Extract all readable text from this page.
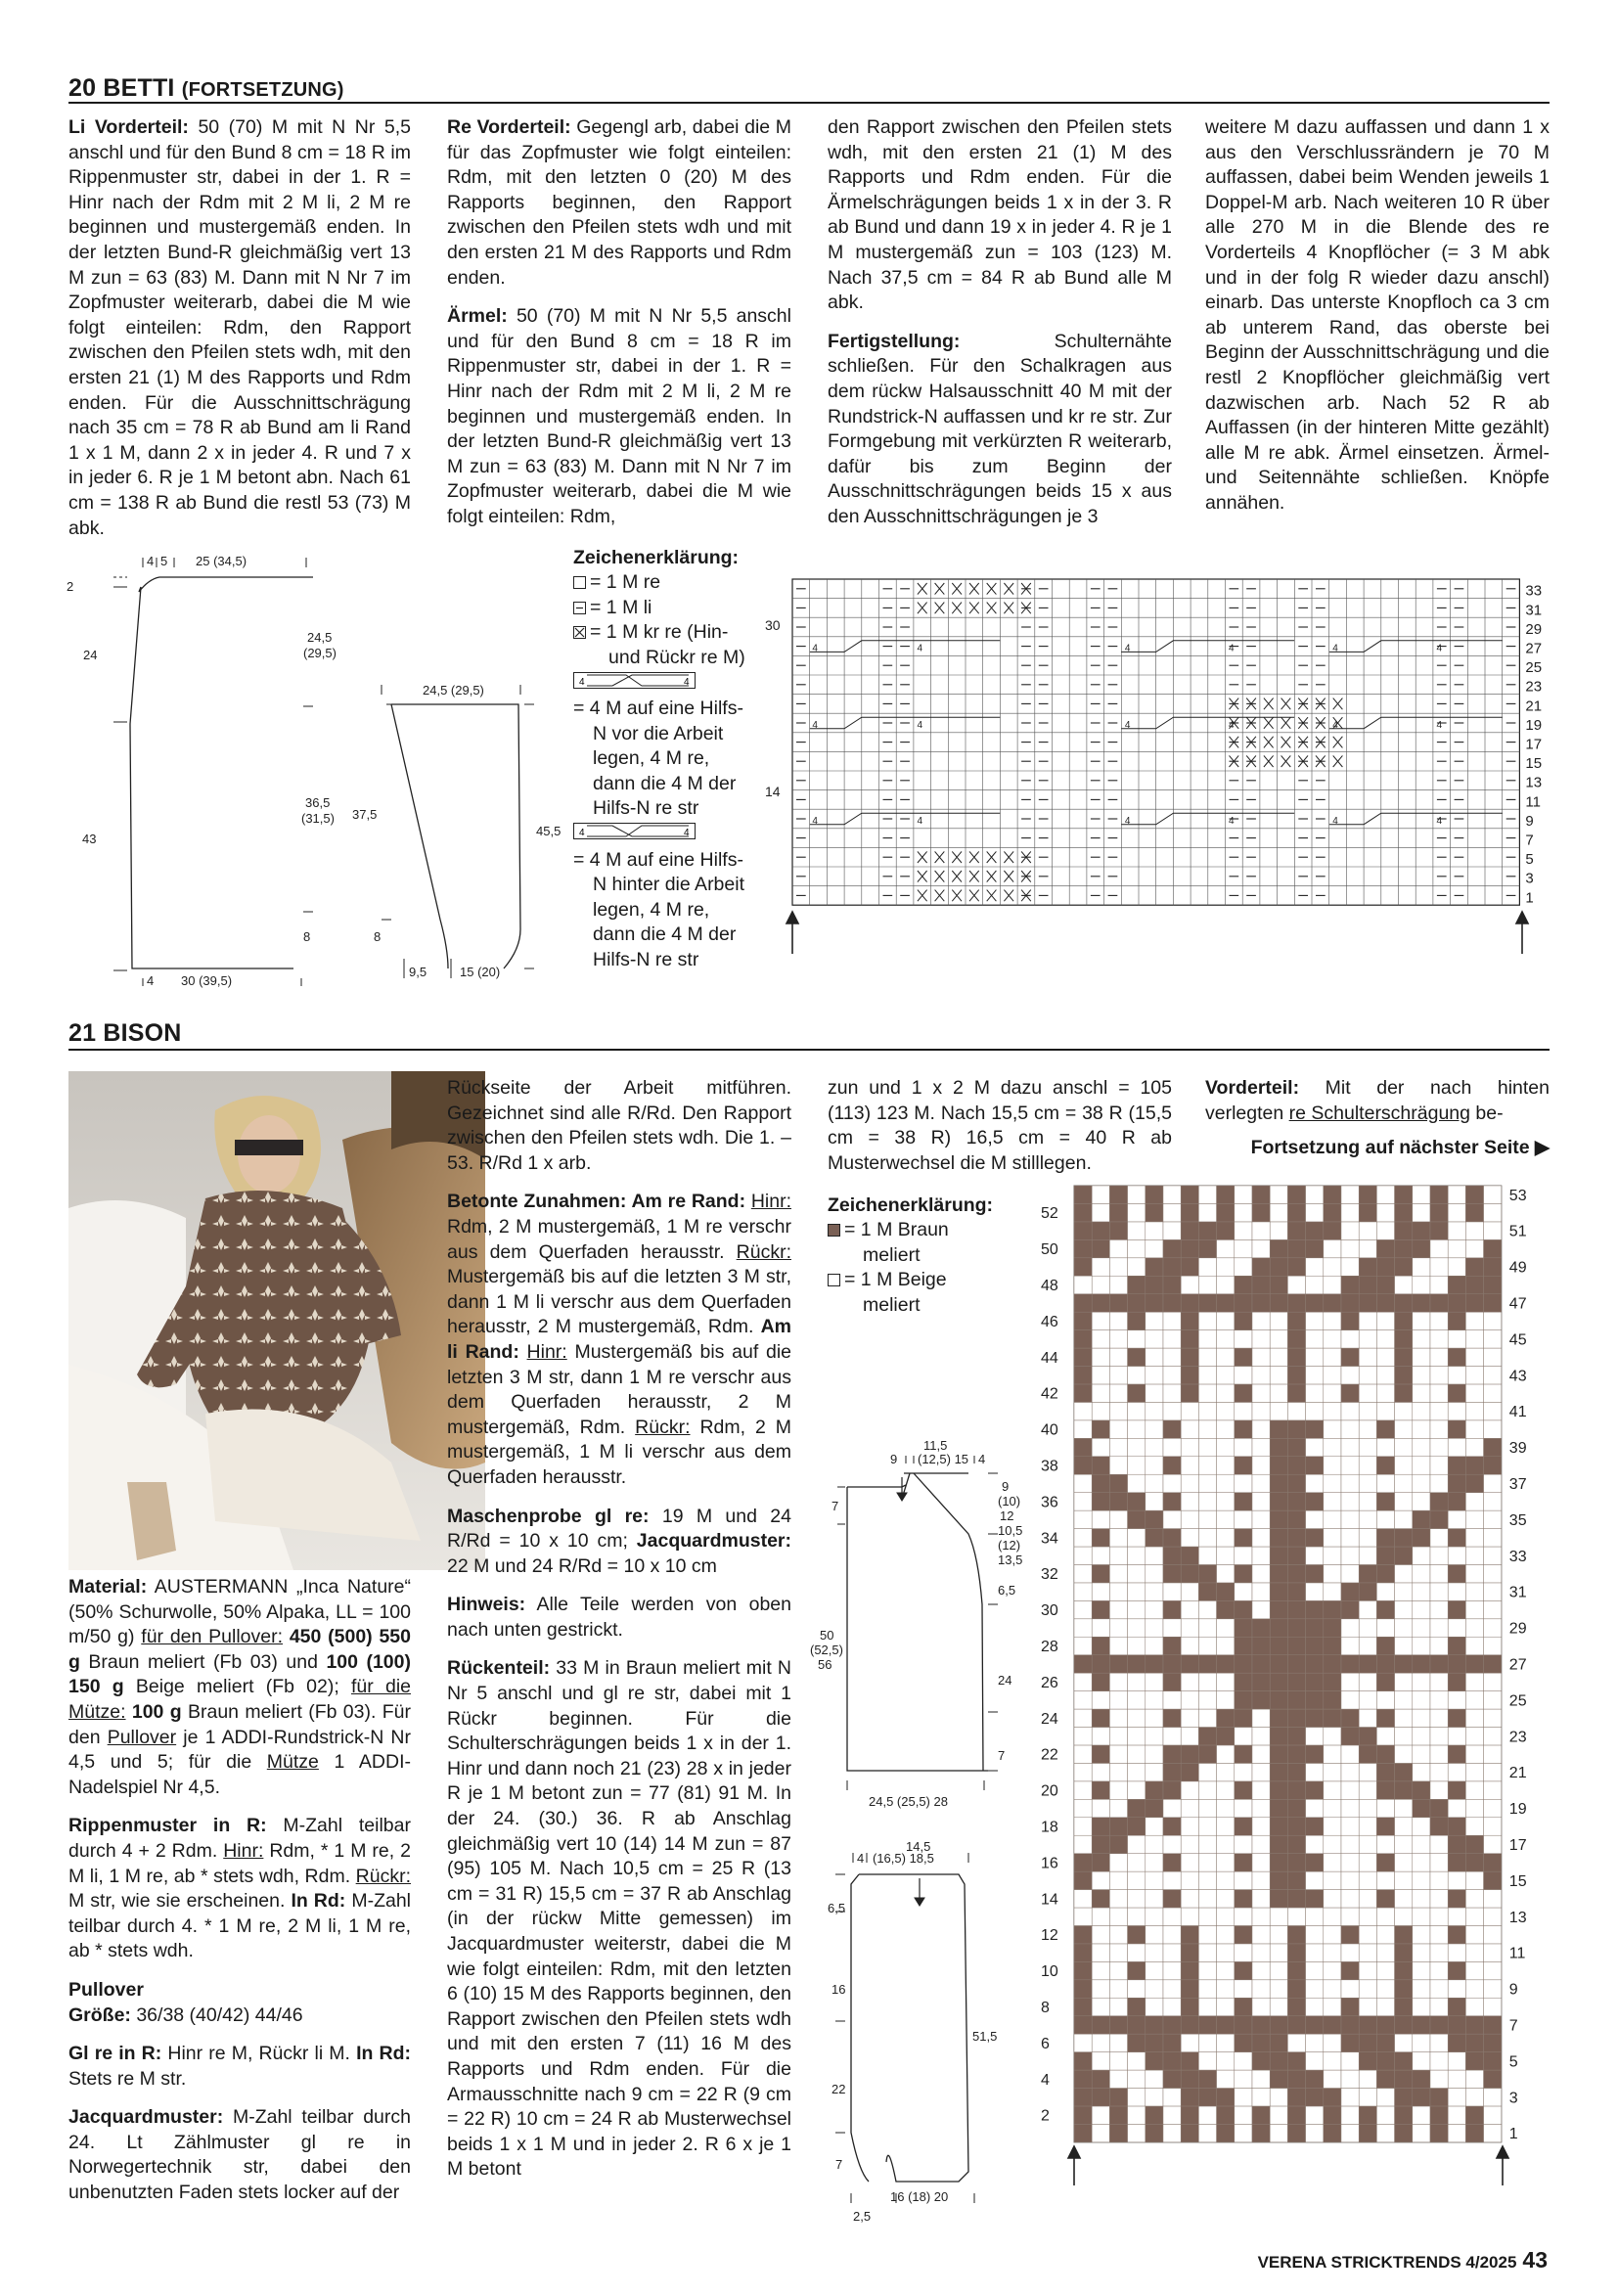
20 BETTI (FORTSETZUNG)

Li Vorderteil: 50 (70) M mit N Nr 5,5 anschl und für den Bund 8 cm = 18 R im Rippenmuster str, dabei in der 1. R = Hinr nach der Rdm mit 2 M li, 2 M re beginnen und mustergemäß enden. In der letzten Bund-R gleichmäßig vert 13 M zun = 63 (83) M. Dann mit N Nr 7 im Zopfmuster weiterarb, dabei die M wie folgt einteilen: Rdm, den Rapport zwischen den Pfeilen stets wdh, mit den ersten 21 (1) M des Rapports und Rdm enden. Für die Ausschnittschrägung nach 35 cm = 78 R ab Bund am li Rand 1 x 1 M, dann 2 x in jeder 4. R und 7 x in jeder 6. R je 1 M betont abn. Nach 61 cm = 138 R ab Bund die restl 53 (73) M abk.

Re Vorderteil: Gegengl arb, dabei die M für das Zopfmuster wie folgt einteilen: Rdm, mit den letzten 0 (20) M des Rapports beginnen, den Rapport zwischen den Pfeilen stets wdh und mit den ersten 21 M des Rapports und Rdm enden.

Ärmel: 50 (70) M mit N Nr 5,5 anschl und für den Bund 8 cm = 18 R im Rippenmuster str, dabei in der 1. R = Hinr nach der Rdm mit 2 M li, 2 M re beginnen und mustergemäß enden. In der letzten Bund-R gleichmäßig vert 13 M zun = 63 (83) M. Dann mit N Nr 7 im Zopfmuster weiterarb, dabei die M wie folgt einteilen: Rdm,

den Rapport zwischen den Pfeilen stets wdh, mit den ersten 21 (1) M des Rapports und Rdm enden. Für die Ärmelschrägungen beids 1 x in der 3. R ab Bund und dann 19 x in jeder 4. R je 1 M mustergemäß zun = 103 (123) M. Nach 37,5 cm = 84 R ab Bund alle M abk.

Fertigstellung: Schulternähte schließen. Für den Schalkragen aus dem rückw Halsausschnitt 40 M mit der Rundstrick-N auffassen und kr re str. Zur Formgebung mit verkürzten R weiterarb, dafür bis zum Beginn der Ausschnittschrägungen beids 15 x aus den Ausschnittschrägungen je 3

weitere M dazu auffassen und dann 1 x aus den Verschlussrändern je 70 M auffassen, dabei beim Wenden jeweils 1 Doppel-M arb. Nach weiteren 10 R über alle 270 M in die Blende des re Vorderteils 4 Knopflöcher (= 3 M abk und in der folg R wieder dazu anschl) einarb. Das unterste Knopfloch ca 3 cm ab unterem Rand, das oberste bei Beginn der Ausschnittschrägung und die restl 2 Knopflöcher gleichmäßig vert dazwischen arb. Nach 52 R ab Auffassen (in der hinteren Mitte gezählt) alle M re abk. Ärmel einsetzen. Ärmel- und Seitennähte schließen. Knöpfe annähen.

Zeichenerklärung:
= 1 M re
= 1 M li
= 1 M kr re (Hin-
und Rückr re M)
4	4
= 4 M auf eine Hilfs-
N vor die Arbeit
legen, 4 M re,
dann die 4 M der
Hilfs-N re str
4	4
= 4 M auf eine Hilfs-
N hinter die Arbeit
legen, 4 M re,
dann die 4 M der
Hilfs-N re str
4 5 25 (34,5)
2
24
43
24,5
(29,5)
36,5
(31,5)
8
4 30 (39,5)
24,5 (29,5)
37,5
8
45,5
9,5	15 (20)
4	4	4	4	4	4
4	4	4	4	4	4
4	4	4	4	4	4
30
14
33
31
29
27
25
23
21
19
17
15
13
11
9
7
5
3
1
21 BISON

Material: AUSTERMANN „Inca Nature“ (50% Schurwolle, 50% Alpaka, LL = 100 m/50 g) für den Pullover: 450 (500) 550 g Braun meliert (Fb 03) und 100 (100) 150 g Beige meliert (Fb 02); für die Mütze: 100 g Braun meliert (Fb 03). Für den Pullover je 1 ADDI-Rundstrick-N Nr 4,5 und 5; für die Mütze 1 ADDI-Nadelspiel Nr 4,5.

Rippenmuster in R: M-Zahl teilbar durch 4 + 2 Rdm. Hinr: Rdm, * 1 M re, 2 M li, 1 M re, ab * stets wdh, Rdm. Rückr: M str, wie sie erscheinen. In Rd: M-Zahl teilbar durch 4. * 1 M re, 2 M li, 1 M re, ab * stets wdh.

Pullover

Größe: 36/38 (40/42) 44/46

Gl re in R: Hinr re M, Rückr li M. In Rd: Stets re M str.

Jacquardmuster: M-Zahl teilbar durch 24. Lt Zählmuster gl re in Norwegertechnik str, dabei den unbenutzten Faden stets locker auf der

Rückseite der Arbeit mitführen. Gezeichnet sind alle R/Rd. Den Rapport zwischen den Pfeilen stets wdh. Die 1. – 53. R/Rd 1 x arb.

Betonte Zunahmen: Am re Rand: Hinr: Rdm, 2 M mustergemäß, 1 M re verschr aus dem Querfaden herausstr. Rückr: Mustergemäß bis auf die letzten 3 M str, dann 1 M li verschr aus dem Querfaden herausstr, 2 M mustergemäß, Rdm. Am li Rand: Hinr: Mustergemäß bis auf die letzten 3 M str, dann 1 M re verschr aus dem Querfaden herausstr, 2 M mustergemäß, Rdm. Rückr: Rdm, 2 M mustergemäß, 1 M li verschr aus dem Querfaden herausstr.

Maschenprobe gl re: 19 M und 24 R/Rd = 10 x 10 cm; Jacquardmuster: 22 M und 24 R/Rd = 10 x 10 cm

Hinweis: Alle Teile werden von oben nach unten gestrickt.

Rückenteil: 33 M in Braun meliert mit N Nr 5 anschl und gl re str, dabei mit 1 Rückr beginnen. Für die Schulterschrägungen beids 1 x in der 1. Hinr und dann noch 21 (23) 28 x in jeder R je 1 M betont zun = 77 (81) 91 M. In der 24. (30.) 36. R ab Anschlag gleichmäßig vert 10 (14) 14 M zun = 87 (95) 105 M. Nach 10,5 cm = 25 R (13 cm = 31 R) 15,5 cm = 37 R ab Anschlag (in der rückw Mitte gemessen) im Jacquardmuster weiterstr, dabei die M wie folgt einteilen: Rdm, mit den letzten 6 (10) 15 M des Rapports beginnen, den Rapport zwischen den Pfeilen stets wdh und mit den ersten 7 (11) 16 M des Rapports und Rdm enden. Für die Armausschnitte nach 9 cm = 22 R (9 cm = 22 R) 10 cm = 24 R ab Musterwechsel beids 1 x 1 M und in jeder 2. R 6 x je 1 M betont

zun und 1 x 2 M dazu anschl = 105 (113) 123 M. Nach 15,5 cm = 38 R (15,5 cm = 38 R) 16,5 cm = 40 R ab Musterwechsel die M stilllegen.

Vorderteil: Mit der nach hinten verlegten re Schulterschrägung be-

Fortsetzung auf nächster Seite ▶

Zeichenerklärung:
= 1 M Braun
meliert
= 1 M Beige
meliert
9
11,5
(12,5) 15 4
7
50
(52,5)
56
9
(10)
12
10,5
(12)
13,5
6,5
24
7
24,5 (25,5) 28
4
14,5
(16,5) 18,5
6,5
16
22
7
2,5
51,5
16 (18) 20
52
50
48
46
44
42
40
38
36
34
32
30
28
26
24
22
20
18
16
14
12
10
8
6
4
2
53
51
49
47
45
43
41
39
37
35
33
31
29
27
25
23
21
19
17
15
13
11
9
7
5
3
1
VERENA STRICKTRENDS 4/2025 43
